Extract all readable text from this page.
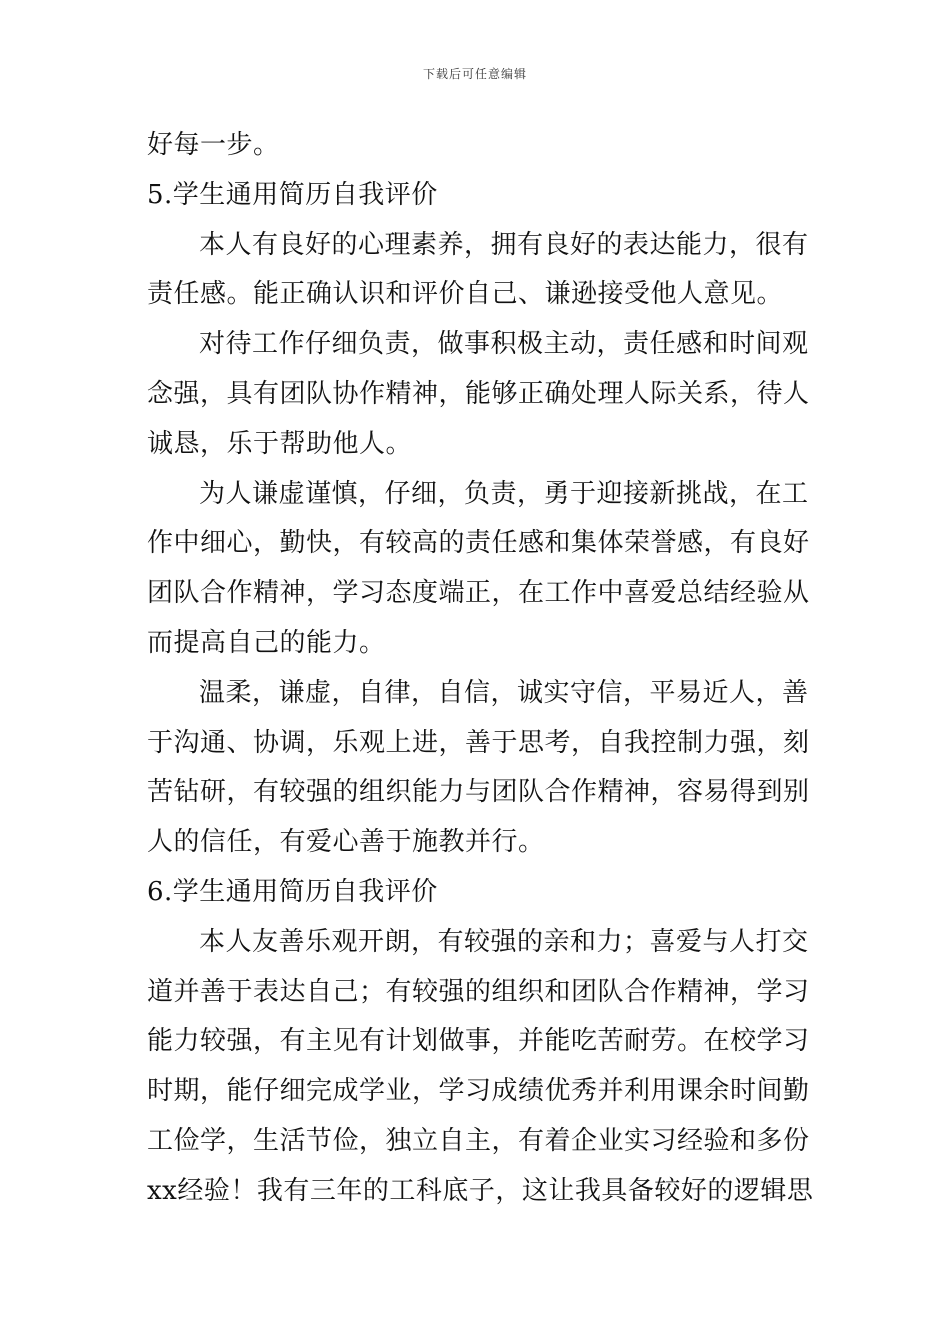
下载后可任意编辑
好每一步。
5.学生通用简历自我评价
本人有良好的心理素养，拥有良好的表达能力，很有
责任感。能正确认识和评价自己、谦逊接受他人意见。
对待工作仔细负责，做事积极主动，责任感和时间观
念强，具有团队协作精神，能够正确处理人际关系，待人
诚恳，乐于帮助他人。
为人谦虚谨慎，仔细，负责，勇于迎接新挑战，在工
作中细心，勤快，有较高的责任感和集体荣誉感，有良好
团队合作精神，学习态度端正，在工作中喜爱总结经验从
而提高自己的能力。
温柔，谦虚，自律，自信，诚实守信，平易近人，善
于沟通、协调，乐观上进，善于思考，自我控制力强，刻
苦钻研，有较强的组织能力与团队合作精神，容易得到别
人的信任，有爱心善于施教并行。
6.学生通用简历自我评价
本人友善乐观开朗，有较强的亲和力；喜爱与人打交
道并善于表达自己；有较强的组织和团队合作精神，学习
能力较强，有主见有计划做事，并能吃苦耐劳。在校学习
时期，能仔细完成学业，学习成绩优秀并利用课余时间勤
工俭学，生活节俭，独立自主，有着企业实习经验和多份
xx经验！我有三年的工科底子，这让我具备较好的逻辑思
